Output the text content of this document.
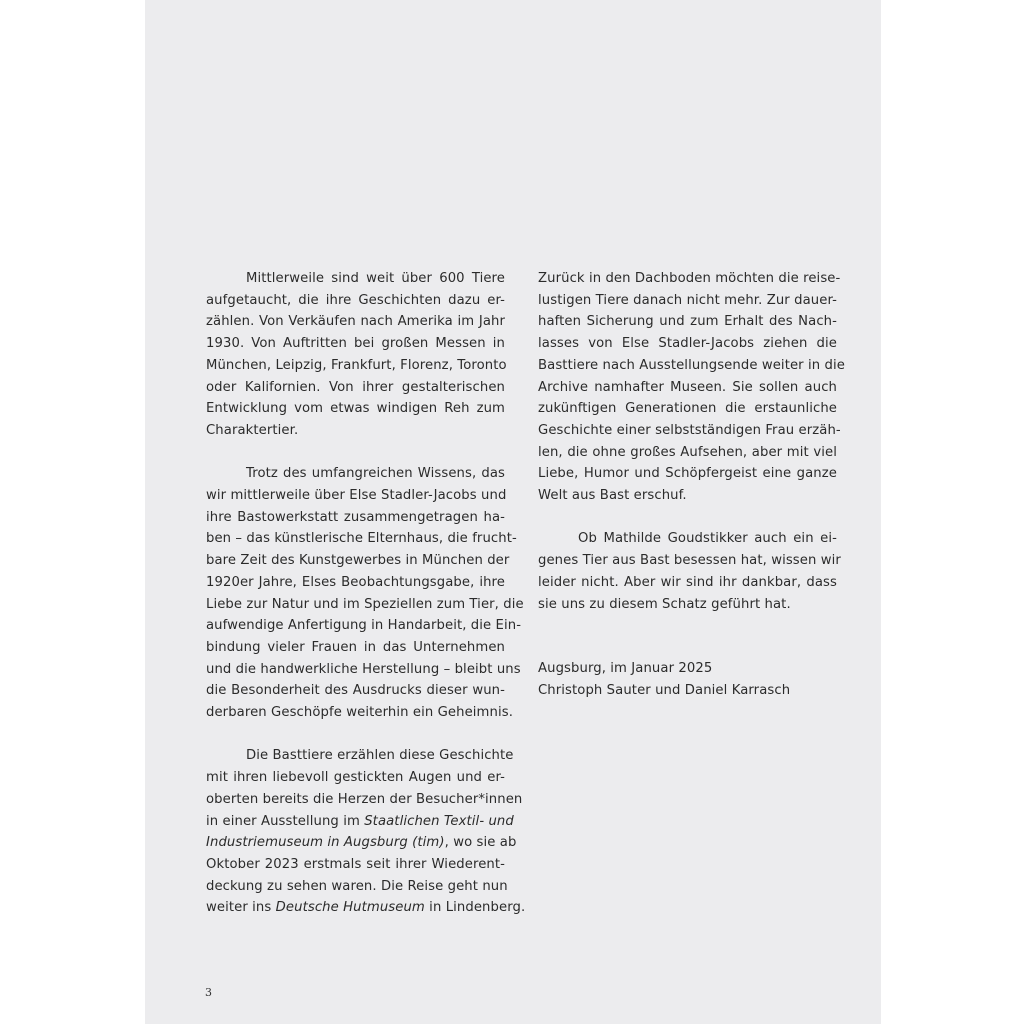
Mittlerweile sind weit über 600 Tiere
aufgetaucht, die ihre Geschichten dazu er-
zählen. Von Verkäufen nach Amerika im Jahr
1930. Von Auftritten bei großen Messen in
München, Leipzig, Frankfurt, Florenz, Toronto
oder Kalifornien. Von ihrer gestalterischen
Entwicklung vom etwas windigen Reh zum
Charaktertier.

Trotz des umfangreichen Wissens, das
wir mittlerweile über Else Stadler-Jacobs und
ihre Bastowerkstatt zusammengetragen ha-
ben – das künstlerische Elternhaus, die frucht-
bare Zeit des Kunstgewerbes in München der
1920er Jahre, Elses Beobachtungsgabe, ihre
Liebe zur Natur und im Speziellen zum Tier, die
aufwendige Anfertigung in Handarbeit, die Ein-
bindung vieler Frauen in das Unternehmen
und die handwerkliche Herstellung – bleibt uns
die Besonderheit des Ausdrucks dieser wun-
derbaren Geschöpfe weiterhin ein Geheimnis.

Die Basttiere erzählen diese Geschichte
mit ihren liebevoll gestickten Augen und er-
oberten bereits die Herzen der Besucher*innen
in einer Ausstellung im Staatlichen Textil- und
Industriemuseum in Augsburg (tim), wo sie ab
Oktober 2023 erstmals seit ihrer Wiederent-
deckung zu sehen waren. Die Reise geht nun
weiter ins Deutsche Hutmuseum in Lindenberg.

Zurück in den Dachboden möchten die reise-
lustigen Tiere danach nicht mehr. Zur dauer-
haften Sicherung und zum Erhalt des Nach-
lasses von Else Stadler-Jacobs ziehen die
Basttiere nach Ausstellungsende weiter in die
Archive namhafter Museen. Sie sollen auch
zukünftigen Generationen die erstaunliche
Geschichte einer selbstständigen Frau erzäh-
len, die ohne großes Aufsehen, aber mit viel
Liebe, Humor und Schöpfergeist eine ganze
Welt aus Bast erschuf.

Ob Mathilde Goudstikker auch ein ei-
genes Tier aus Bast besessen hat, wissen wir
leider nicht. Aber wir sind ihr dankbar, dass
sie uns zu diesem Schatz geführt hat.

Augsburg, im Januar 2025
Christoph Sauter und Daniel Karrasch
3
